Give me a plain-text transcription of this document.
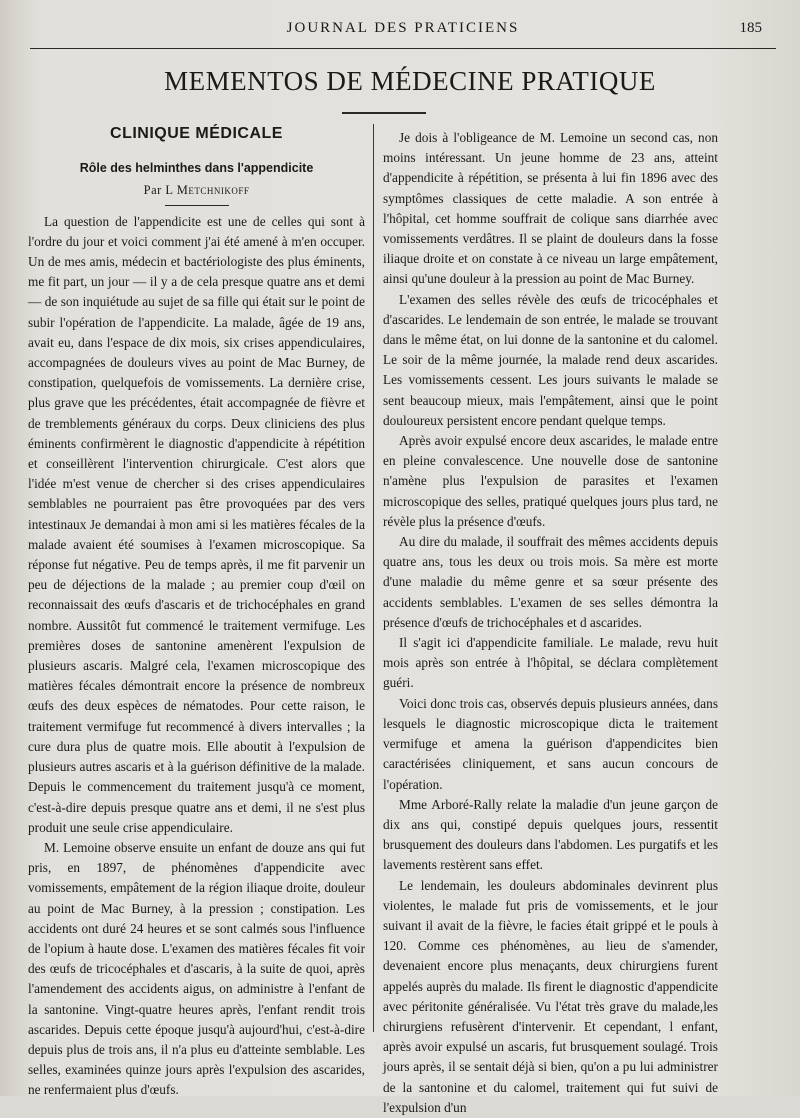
JOURNAL DES PRATICIENS	185
MEMENTOS DE MÉDECINE PRATIQUE
CLINIQUE MÉDICALE
Rôle des helminthes dans l'appendicite
Par L Metchnikoff

La question de l'appendicite est une de celles qui sont à l'ordre du jour et voici comment j'ai été amené à m'en occuper. Un de mes amis, médecin et bactériologiste des plus éminents, me fit part, un jour — il y a de cela presque quatre ans et demi — de son inquiétude au sujet de sa fille qui était sur le point de subir l'opération de l'appendicite. La malade, âgée de 19 ans, avait eu, dans l'espace de dix mois, six crises appendiculaires, accompagnées de douleurs vives au point de Mac Burney, de constipation, quelquefois de vomissements. La dernière crise, plus grave que les précédentes, était accompagnée de fièvre et de tremblements généraux du corps. Deux cliniciens des plus éminents confirmèrent le diagnostic d'appendicite à répétition et conseillèrent l'intervention chirurgicale. C'est alors que l'idée m'est venue de chercher si des crises appendiculaires semblables ne pourraient pas être provoquées par des vers intestinaux Je demandai à mon ami si les matières fécales de la malade avaient été soumises à l'examen microscopique. Sa réponse fut négative. Peu de temps après, il me fit parvenir un peu de déjections de la malade ; au premier coup d'œil on reconnaissait des œufs d'ascaris et de trichocéphales en grand nombre. Aussitôt fut commencé le traitement vermifuge. Les premières doses de santonine amenèrent l'expulsion de plusieurs ascaris. Malgré cela, l'examen microscopique des matières fécales démontrait encore la présence de nombreux œufs des deux espèces de nématodes. Pour cette raison, le traitement vermifuge fut recommencé à divers intervalles ; la cure dura plus de quatre mois. Elle aboutit à l'expulsion de plusieurs autres ascaris et à la guérison définitive de la malade. Depuis le commencement du traitement jusqu'à ce moment, c'est-à-dire depuis presque quatre ans et demi, il ne s'est plus produit une seule crise appendiculaire.

M. Lemoine observe ensuite un enfant de douze ans qui fut pris, en 1897, de phénomènes d'appendicite avec vomissements, empâtement de la région iliaque droite, douleur au point de Mac Burney, à la pression ; constipation. Les accidents ont duré 24 heures et se sont calmés sous l'influence de l'opium à haute dose. L'examen des matières fécales fit voir des œufs de tricocéphales et d'ascaris, à la suite de quoi, après l'amendement des accidents aigus, on administre à l'enfant de la santonine. Vingt-quatre heures après, l'enfant rendit trois ascarides. Depuis cette époque jusqu'à aujourd'hui, c'est-à-dire depuis plus de trois ans, il n'a plus eu d'atteinte semblable. Les selles, examinées quinze jours après l'expulsion des ascarides, ne renfermaient plus d'œufs.

Je dois à l'obligeance de M. Lemoine un second cas, non moins intéressant. Un jeune homme de 23 ans, atteint d'appendicite à répétition, se présenta à lui fin 1896 avec des symptômes classiques de cette maladie. A son entrée à l'hôpital, cet homme souffrait de colique sans diarrhée avec vomissements verdâtres. Il se plaint de douleurs dans la fosse iliaque droite et on constate à ce niveau un large empâtement, ainsi qu'une douleur à la pression au point de Mac Burney.

L'examen des selles révèle des œufs de tricocéphales et d'ascarides. Le lendemain de son entrée, le malade se trouvant dans le même état, on lui donne de la santonine et du calomel. Le soir de la même journée, la malade rend deux ascarides. Les vomissements cessent. Les jours suivants le malade se sent beaucoup mieux, mais l'empâtement, ainsi que le point douloureux persistent encore pendant quelque temps.

Après avoir expulsé encore deux ascarides, le malade entre en pleine convalescence. Une nouvelle dose de santonine n'amène plus l'expulsion de parasites et l'examen microscopique des selles, pratiqué quelques jours plus tard, ne révèle plus la présence d'œufs.

Au dire du malade, il souffrait des mêmes accidents depuis quatre ans, tous les deux ou trois mois. Sa mère est morte d'une maladie du même genre et sa sœur présente des accidents semblables. L'examen de ses selles démontra la présence d'œufs de trichocéphales et d ascarides.

Il s'agit ici d'appendicite familiale. Le malade, revu huit mois après son entrée à l'hôpital, se déclara complètement guéri.

Voici donc trois cas, observés depuis plusieurs années, dans lesquels le diagnostic microscopique dicta le traitement vermifuge et amena la guérison d'appendicites bien caractérisées cliniquement, et sans aucun concours de l'opération.

Mme Arboré-Rally relate la maladie d'un jeune garçon de dix ans qui, constipé depuis quelques jours, ressentit brusquement des douleurs dans l'abdomen. Les purgatifs et les lavements restèrent sans effet.

Le lendemain, les douleurs abdominales devinrent plus violentes, le malade fut pris de vomissements, et le jour suivant il avait de la fièvre, le facies était grippé et le pouls à 120. Comme ces phénomènes, au lieu de s'amender, devenaient encore plus menaçants, deux chirurgiens furent appelés auprès du malade. Ils firent le diagnostic d'appendicite avec péritonite généralisée. Vu l'état très grave du malade,les chirurgiens refusèrent d'intervenir. Et cependant, l enfant, après avoir expulsé un ascaris, fut brusquement soulagé. Trois jours après, il se sentait déjà si bien, qu'on a pu lui administrer de la santonine et du calomel, traitement qui fut suivi de l'expulsion d'un
